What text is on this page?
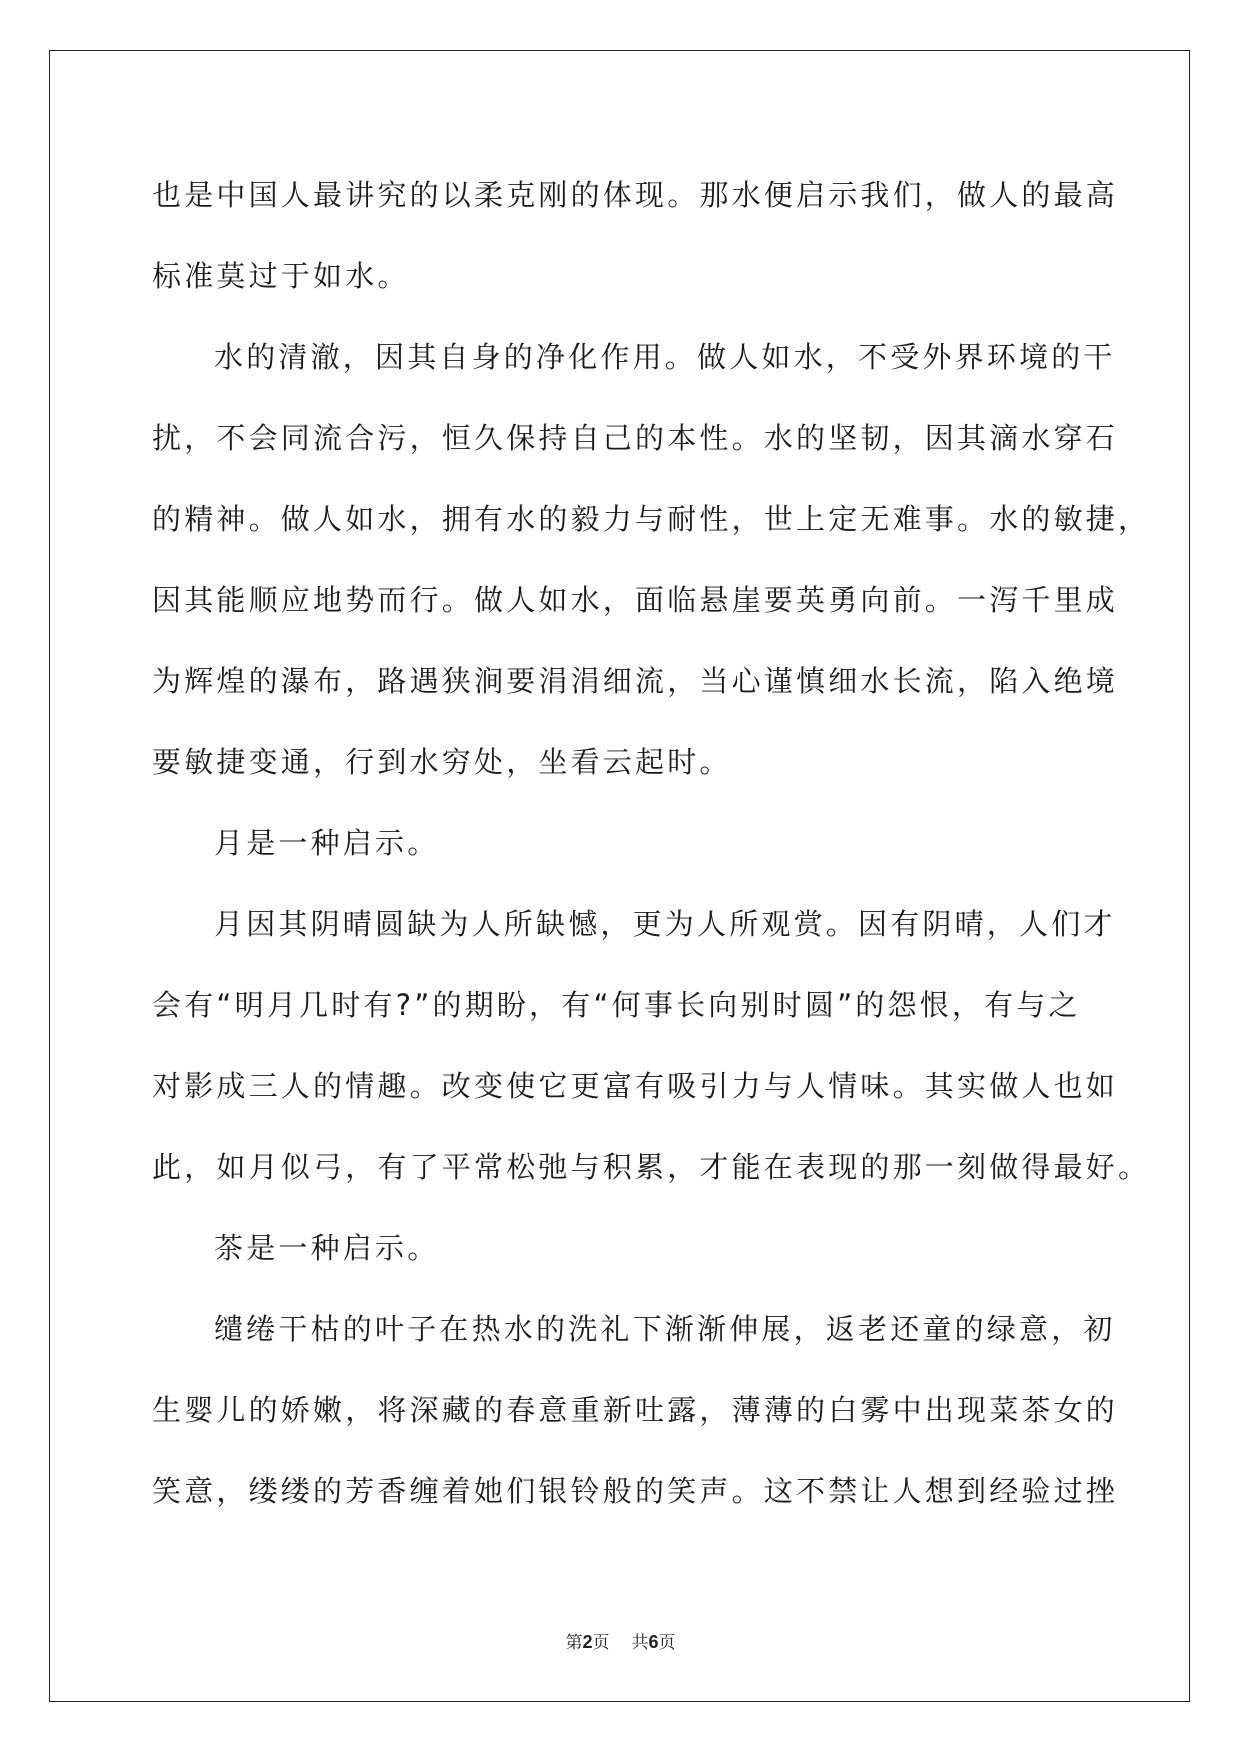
也是中国人最讲究的以柔克刚的体现。那水便启示我们，做人的最高
标准莫过于如水。

水的清澈，因其自身的净化作用。做人如水，不受外界环境的干
扰，不会同流合污，恒久保持自己的本性。水的坚韧，因其滴水穿石
的精神。做人如水，拥有水的毅力与耐性，世上定无难事。水的敏捷，
因其能顺应地势而行。做人如水，面临悬崖要英勇向前。一泻千里成
为辉煌的瀑布，路遇狭涧要涓涓细流，当心谨慎细水长流，陷入绝境
要敏捷变通，行到水穷处，坐看云起时。

月是一种启示。

月因其阴晴圆缺为人所缺憾，更为人所观赏。因有阴晴，人们才
会有“明月几时有?”的期盼，有“何事长向别时圆”的怨恨，有与之
对影成三人的情趣。改变使它更富有吸引力与人情味。其实做人也如
此，如月似弓，有了平常松弛与积累，才能在表现的那一刻做得最好。

茶是一种启示。

缱绻干枯的叶子在热水的洗礼下渐渐伸展，返老还童的绿意，初
生婴儿的娇嫩，将深藏的春意重新吐露，薄薄的白雾中出现菜茶女的
笑意，缕缕的芳香缠着她们银铃般的笑声。这不禁让人想到经验过挫

第2页 共6页
